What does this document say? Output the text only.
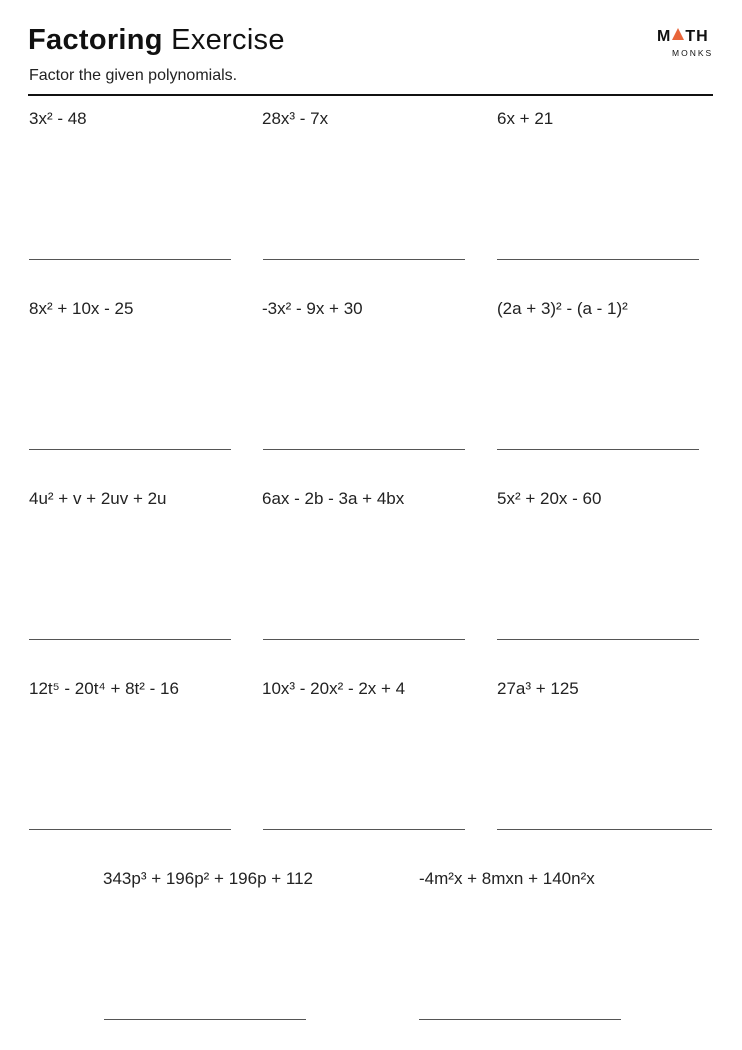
Factoring Exercise
Factor the given polynomials.
M TH
MONKS
3x² - 48	28x³ - 7x	6x + 21
8x² + 10x - 25	-3x² - 9x + 30	(2a + 3)² - (a - 1)²
4u² + v + 2uv + 2u	6ax - 2b - 3a + 4bx	5x² + 20x - 60
12t⁵ - 20t⁴ + 8t² - 16	10x³ - 20x² - 2x + 4	27a³ + 125
343p³ + 196p² + 196p + 112	-4m²x + 8mxn + 140n²x
